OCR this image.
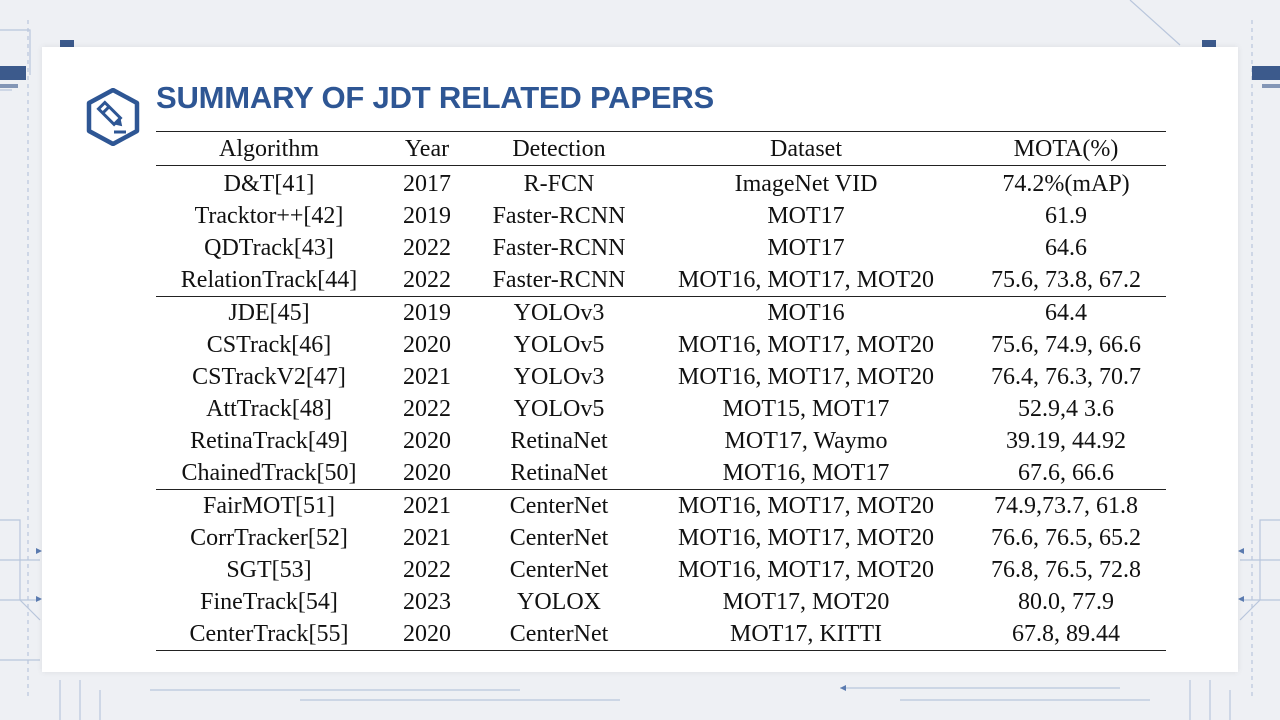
SUMMARY OF JDT RELATED PAPERS
Algorithm	Year	Detection	Dataset	MOTA(%)
D&T[41]	2017	R-FCN	ImageNet VID	74.2%(mAP)
Tracktor++[42]	2019	Faster-RCNN	MOT17	61.9
QDTrack[43]	2022	Faster-RCNN	MOT17	64.6
RelationTrack[44]	2022	Faster-RCNN	MOT16, MOT17, MOT20	75.6, 73.8, 67.2
JDE[45]	2019	YOLOv3	MOT16	64.4
CSTrack[46]	2020	YOLOv5	MOT16, MOT17, MOT20	75.6, 74.9, 66.6
CSTrackV2[47]	2021	YOLOv3	MOT16, MOT17, MOT20	76.4, 76.3, 70.7
AttTrack[48]	2022	YOLOv5	MOT15, MOT17	52.9,4 3.6
RetinaTrack[49]	2020	RetinaNet	MOT17, Waymo	39.19, 44.92
ChainedTrack[50]	2020	RetinaNet	MOT16, MOT17	67.6, 66.6
FairMOT[51]	2021	CenterNet	MOT16, MOT17, MOT20	74.9,73.7, 61.8
CorrTracker[52]	2021	CenterNet	MOT16, MOT17, MOT20	76.6, 76.5, 65.2
SGT[53]	2022	CenterNet	MOT16, MOT17, MOT20	76.8, 76.5, 72.8
FineTrack[54]	2023	YOLOX	MOT17, MOT20	80.0, 77.9
CenterTrack[55]	2020	CenterNet	MOT17, KITTI	67.8, 89.44
